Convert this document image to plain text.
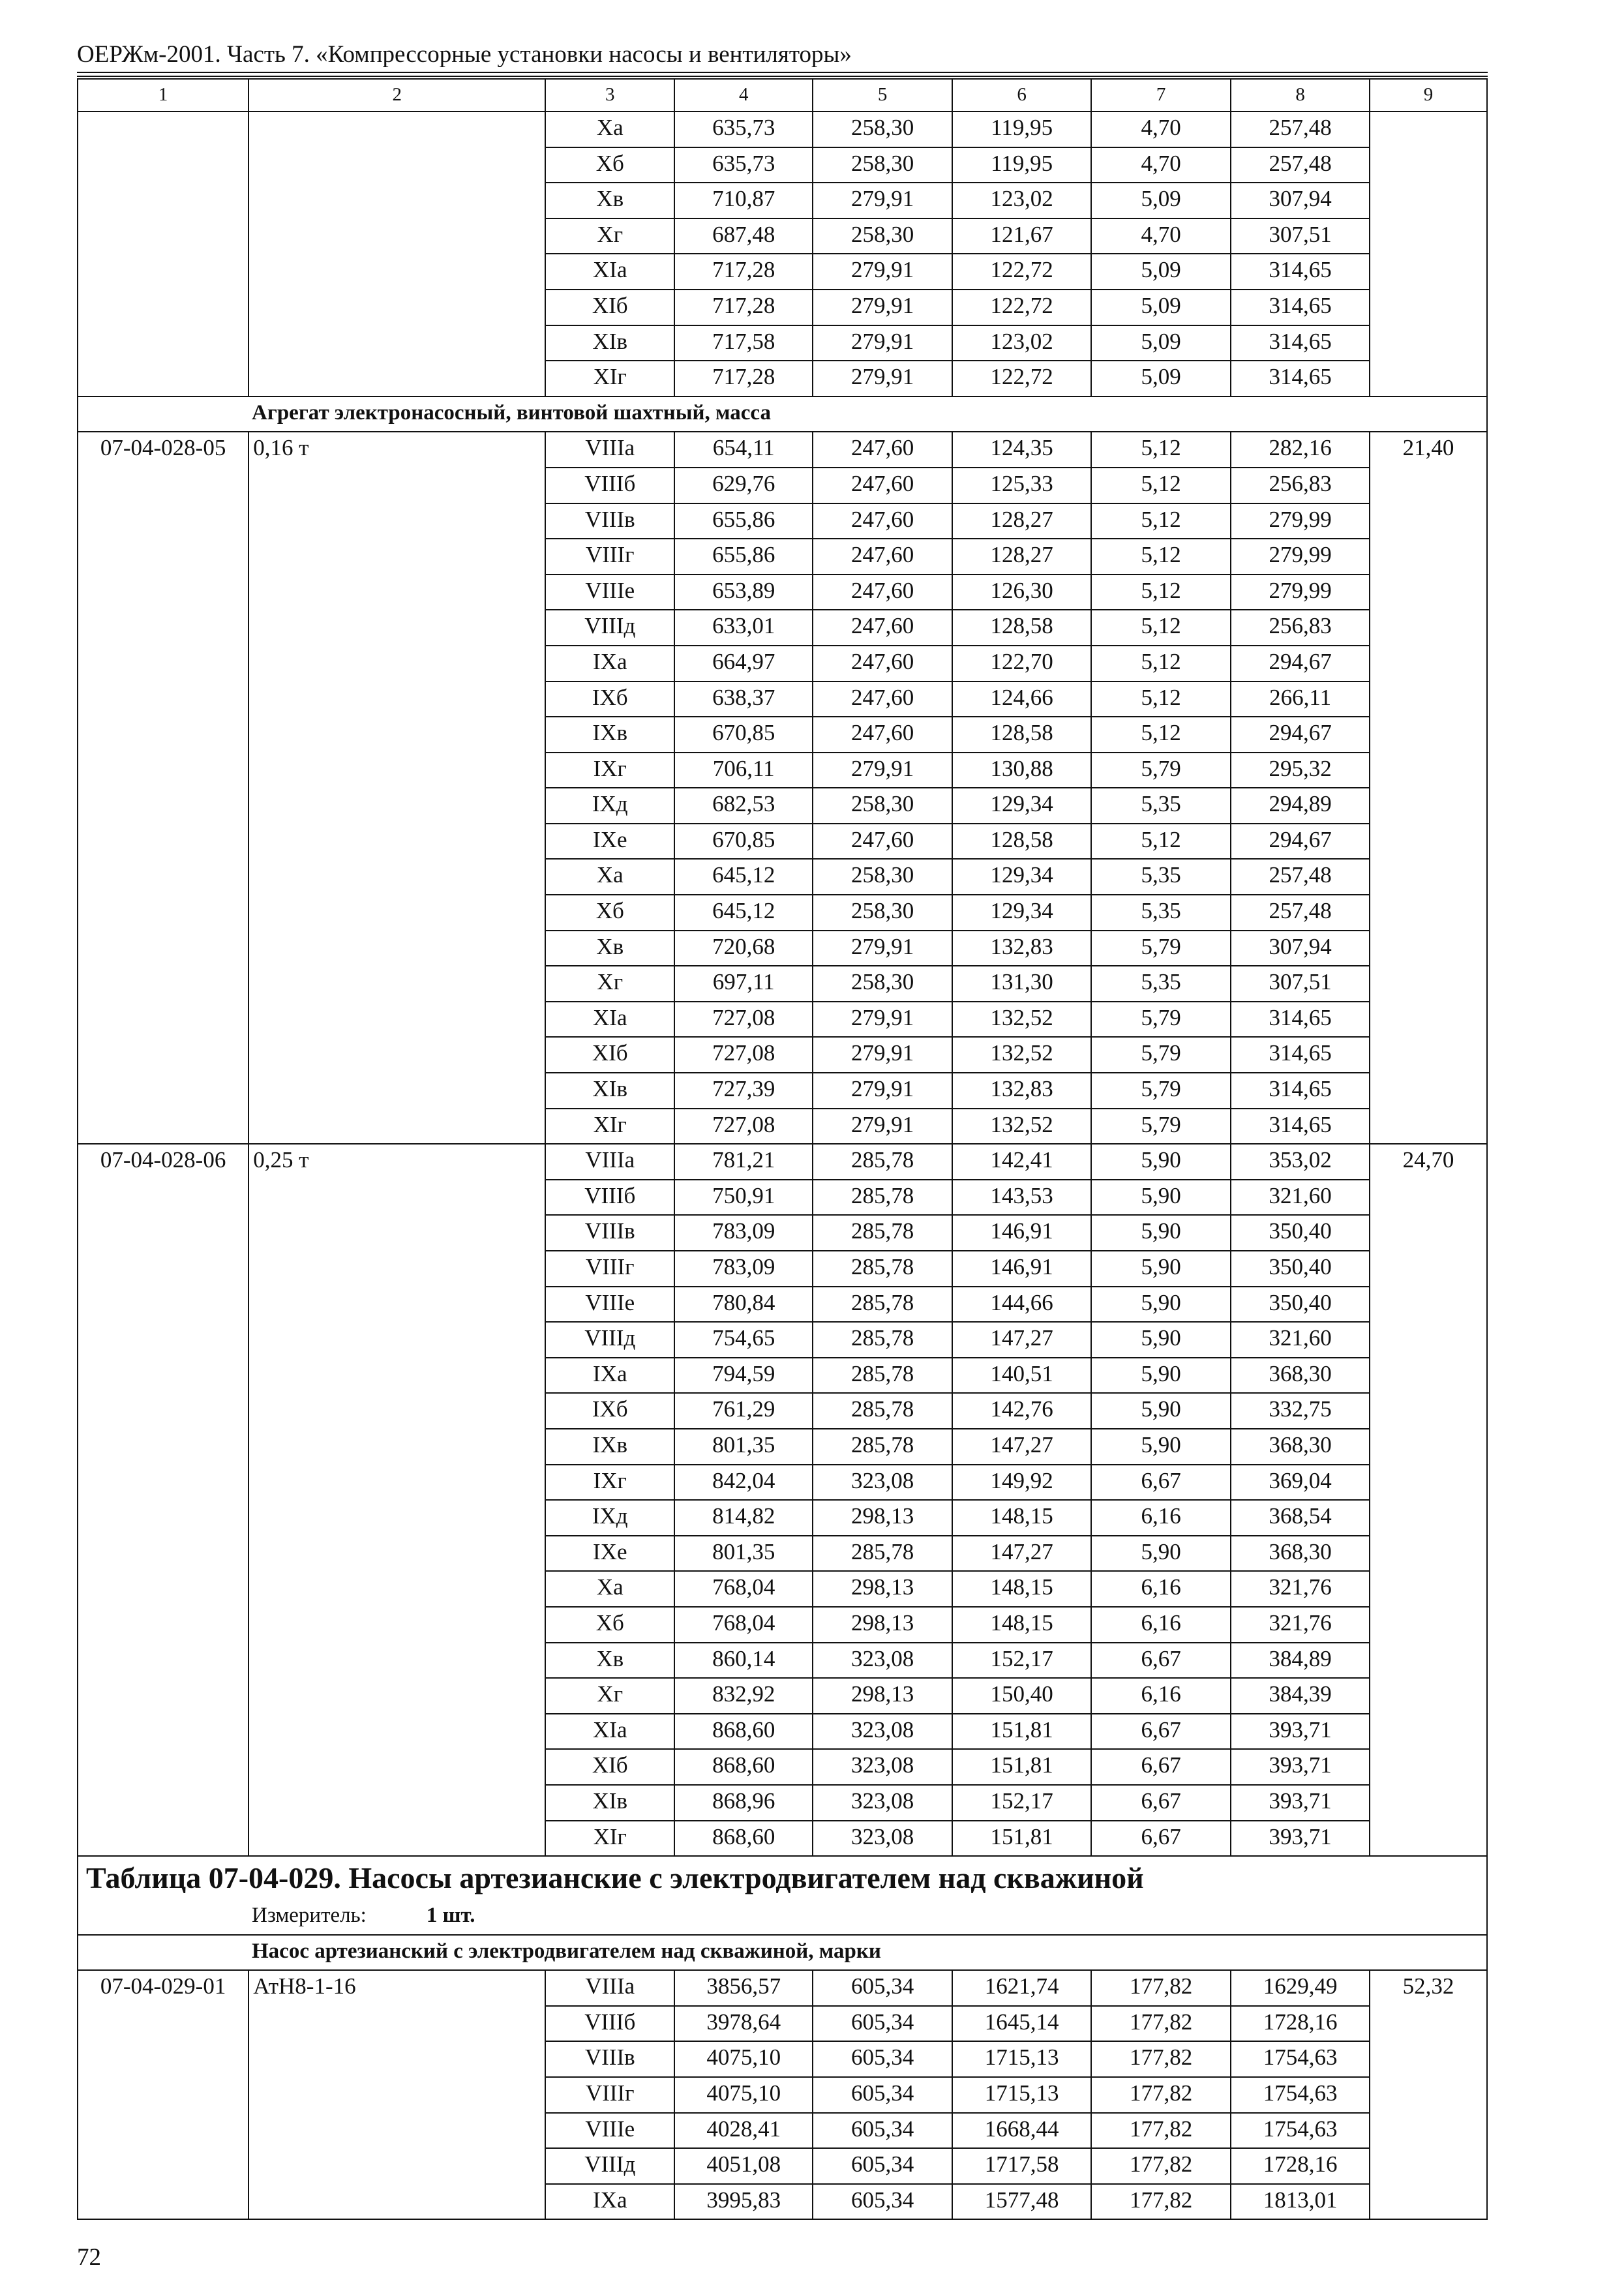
ОЕРЖм-2001. Часть 7. «Компрессорные установки насосы и вентиляторы»
1	2	3	4	5	6	7	8	9
		Xa	635,73	258,30	119,95	4,70	257,48	
		Xб	635,73	258,30	119,95	4,70	257,48	
		Xв	710,87	279,91	123,02	5,09	307,94	
		Xг	687,48	258,30	121,67	4,70	307,51	
		XIa	717,28	279,91	122,72	5,09	314,65	
		XIб	717,28	279,91	122,72	5,09	314,65	
		XIв	717,58	279,91	123,02	5,09	314,65	
		XIг	717,28	279,91	122,72	5,09	314,65	
Агрегат электронасосный, винтовой шахтный, масса								
07-04-028-05	0,16 т	VIIIa	654,11	247,60	124,35	5,12	282,16	21,40
		VIIIб	629,76	247,60	125,33	5,12	256,83	
		VIIIв	655,86	247,60	128,27	5,12	279,99	
		VIIIг	655,86	247,60	128,27	5,12	279,99	
		VIIIe	653,89	247,60	126,30	5,12	279,99	
		VIIIд	633,01	247,60	128,58	5,12	256,83	
		IXa	664,97	247,60	122,70	5,12	294,67	
		IXб	638,37	247,60	124,66	5,12	266,11	
		IXв	670,85	247,60	128,58	5,12	294,67	
		IXг	706,11	279,91	130,88	5,79	295,32	
		IXд	682,53	258,30	129,34	5,35	294,89	
		IXe	670,85	247,60	128,58	5,12	294,67	
		Xa	645,12	258,30	129,34	5,35	257,48	
		Xб	645,12	258,30	129,34	5,35	257,48	
		Xв	720,68	279,91	132,83	5,79	307,94	
		Xг	697,11	258,30	131,30	5,35	307,51	
		XIa	727,08	279,91	132,52	5,79	314,65	
		XIб	727,08	279,91	132,52	5,79	314,65	
		XIв	727,39	279,91	132,83	5,79	314,65	
		XIг	727,08	279,91	132,52	5,79	314,65	
07-04-028-06	0,25 т	VIIIa	781,21	285,78	142,41	5,90	353,02	24,70
		VIIIб	750,91	285,78	143,53	5,90	321,60	
		VIIIв	783,09	285,78	146,91	5,90	350,40	
		VIIIг	783,09	285,78	146,91	5,90	350,40	
		VIIIe	780,84	285,78	144,66	5,90	350,40	
		VIIIд	754,65	285,78	147,27	5,90	321,60	
		IXa	794,59	285,78	140,51	5,90	368,30	
		IXб	761,29	285,78	142,76	5,90	332,75	
		IXв	801,35	285,78	147,27	5,90	368,30	
		IXг	842,04	323,08	149,92	6,67	369,04	
		IXд	814,82	298,13	148,15	6,16	368,54	
		IXe	801,35	285,78	147,27	5,90	368,30	
		Xa	768,04	298,13	148,15	6,16	321,76	
		Xб	768,04	298,13	148,15	6,16	321,76	
		Xв	860,14	323,08	152,17	6,67	384,89	
		Xг	832,92	298,13	150,40	6,16	384,39	
		XIa	868,60	323,08	151,81	6,67	393,71	
		XIб	868,60	323,08	151,81	6,67	393,71	
		XIв	868,96	323,08	152,17	6,67	393,71	
		XIг	868,60	323,08	151,81	6,67	393,71	
Таблица 07-04-029. Насосы артезианские с электродвигателем над скважиной								
Измеритель: 1 шт.								
Насос артезианский с электродвигателем над скважиной, марки								
07-04-029-01	АтН8-1-16	VIIIa	3856,57	605,34	1621,74	177,82	1629,49	52,32
		VIIIб	3978,64	605,34	1645,14	177,82	1728,16	
		VIIIв	4075,10	605,34	1715,13	177,82	1754,63	
		VIIIг	4075,10	605,34	1715,13	177,82	1754,63	
		VIIIe	4028,41	605,34	1668,44	177,82	1754,63	
		VIIIд	4051,08	605,34	1717,58	177,82	1728,16	
		IXa	3995,83	605,34	1577,48	177,82	1813,01	
72
